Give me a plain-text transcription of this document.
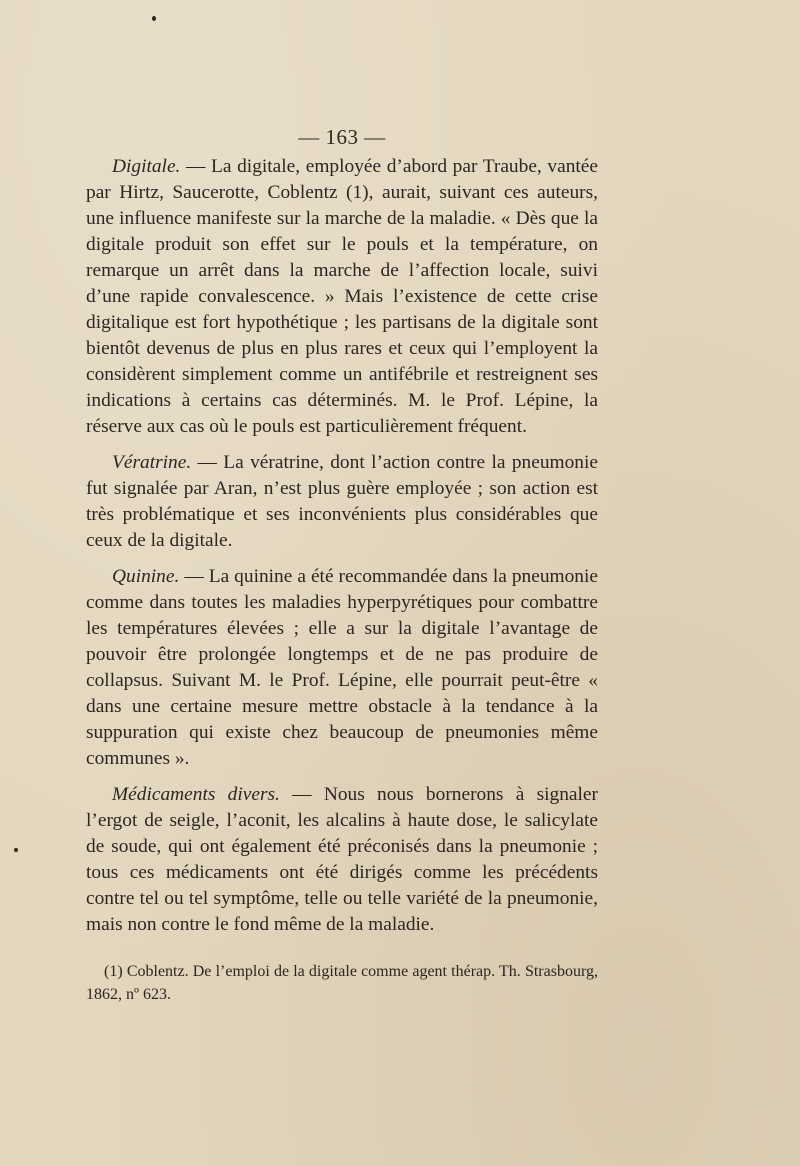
— 163 —

Digitale. — La digitale, employée d’abord par Traube, vantée par Hirtz, Saucerotte, Coblentz (1), aurait, suivant ces auteurs, une influence manifeste sur la marche de la maladie. « Dès que la digitale produit son effet sur le pouls et la température, on remarque un arrêt dans la marche de l’affection locale, suivi d’une rapide convalescence. » Mais l’existence de cette crise digitalique est fort hypothétique ; les partisans de la digitale sont bientôt devenus de plus en plus rares et ceux qui l’employent la considèrent simplement comme un antifébrile et restreignent ses indications à certains cas déterminés. M. le Prof. Lépine, la réserve aux cas où le pouls est particulièrement fréquent.

Vératrine. — La vératrine, dont l’action contre la pneumonie fut signalée par Aran, n’est plus guère employée ; son action est très problématique et ses inconvénients plus considérables que ceux de la digitale.

Quinine. — La quinine a été recommandée dans la pneumonie comme dans toutes les maladies hyperpyrétiques pour combattre les températures élevées ; elle a sur la digitale l’avantage de pouvoir être prolongée longtemps et de ne pas produire de collapsus. Suivant M. le Prof. Lépine, elle pourrait peut-être « dans une certaine mesure mettre obstacle à la tendance à la suppuration qui existe chez beaucoup de pneumonies même communes ».

Médicaments divers. — Nous nous bornerons à signaler l’ergot de seigle, l’aconit, les alcalins à haute dose, le salicylate de soude, qui ont également été préconisés dans la pneumonie ; tous ces médicaments ont été dirigés comme les précédents contre tel ou tel symptôme, telle ou telle variété de la pneumonie, mais non contre le fond même de la maladie.

(1) Coblentz. De l’emploi de la digitale comme agent thérap. Th. Strasbourg, 1862, nº 623.
